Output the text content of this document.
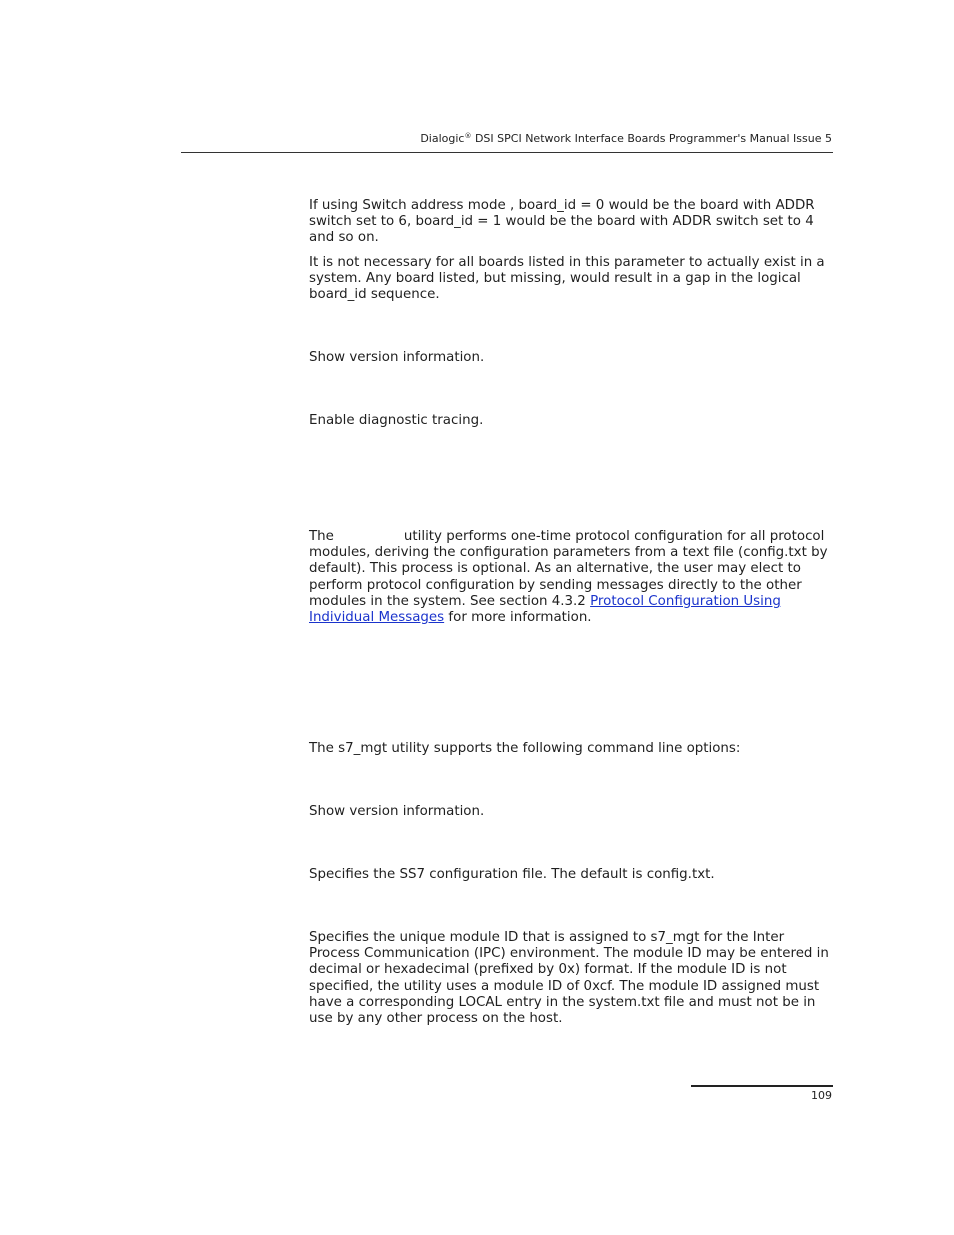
Dialogic® DSI SPCI Network Interface Boards Programmer's Manual Issue 5

If using Switch address mode , board_id = 0 would be the board with ADDR switch set to 6, board_id = 1 would be the board with ADDR switch set to 4 and so on.

It is not necessary for all boards listed in this parameter to actually exist in a system. Any board listed, but missing, would result in a gap in the logical board_id sequence.

Show version information.

Enable diagnostic tracing.

The	utility performs one-time protocol configuration for all protocol modules, deriving the configuration parameters from a text file (config.txt by default). This process is optional. As an alternative, the user may elect to perform protocol configuration by sending messages directly to the other modules in the system. See section 4.3.2 Protocol Configuration Using Individual Messages for more information.

The s7_mgt utility supports the following command line options:

Show version information.

Specifies the SS7 configuration file. The default is config.txt.

Specifies the unique module ID that is assigned to s7_mgt for the Inter Process Communication (IPC) environment. The module ID may be entered in decimal or hexadecimal (prefixed by 0x) format. If the module ID is not specified, the utility uses a module ID of 0xcf. The module ID assigned must have a corresponding LOCAL entry in the system.txt file and must not be in use by any other process on the host.

109
